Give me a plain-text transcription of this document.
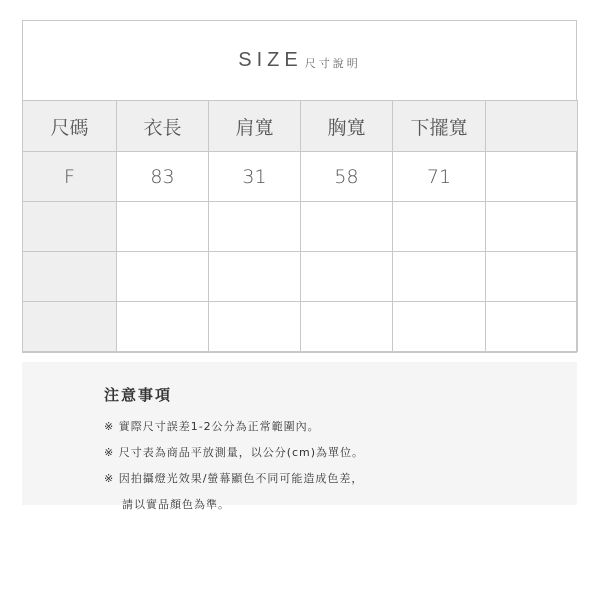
SIZE 尺寸說明
尺碼	衣長	肩寬	胸寬	下擺寬	
F	83	31	58	71	

注意事項
※ 實際尺寸誤差1-2公分為正常範圍內。
※ 尺寸表為商品平放測量，以公分(cm)為單位。
※ 因拍攝燈光效果/螢幕顯色不同可能造成色差，
請以實品顏色為準。
